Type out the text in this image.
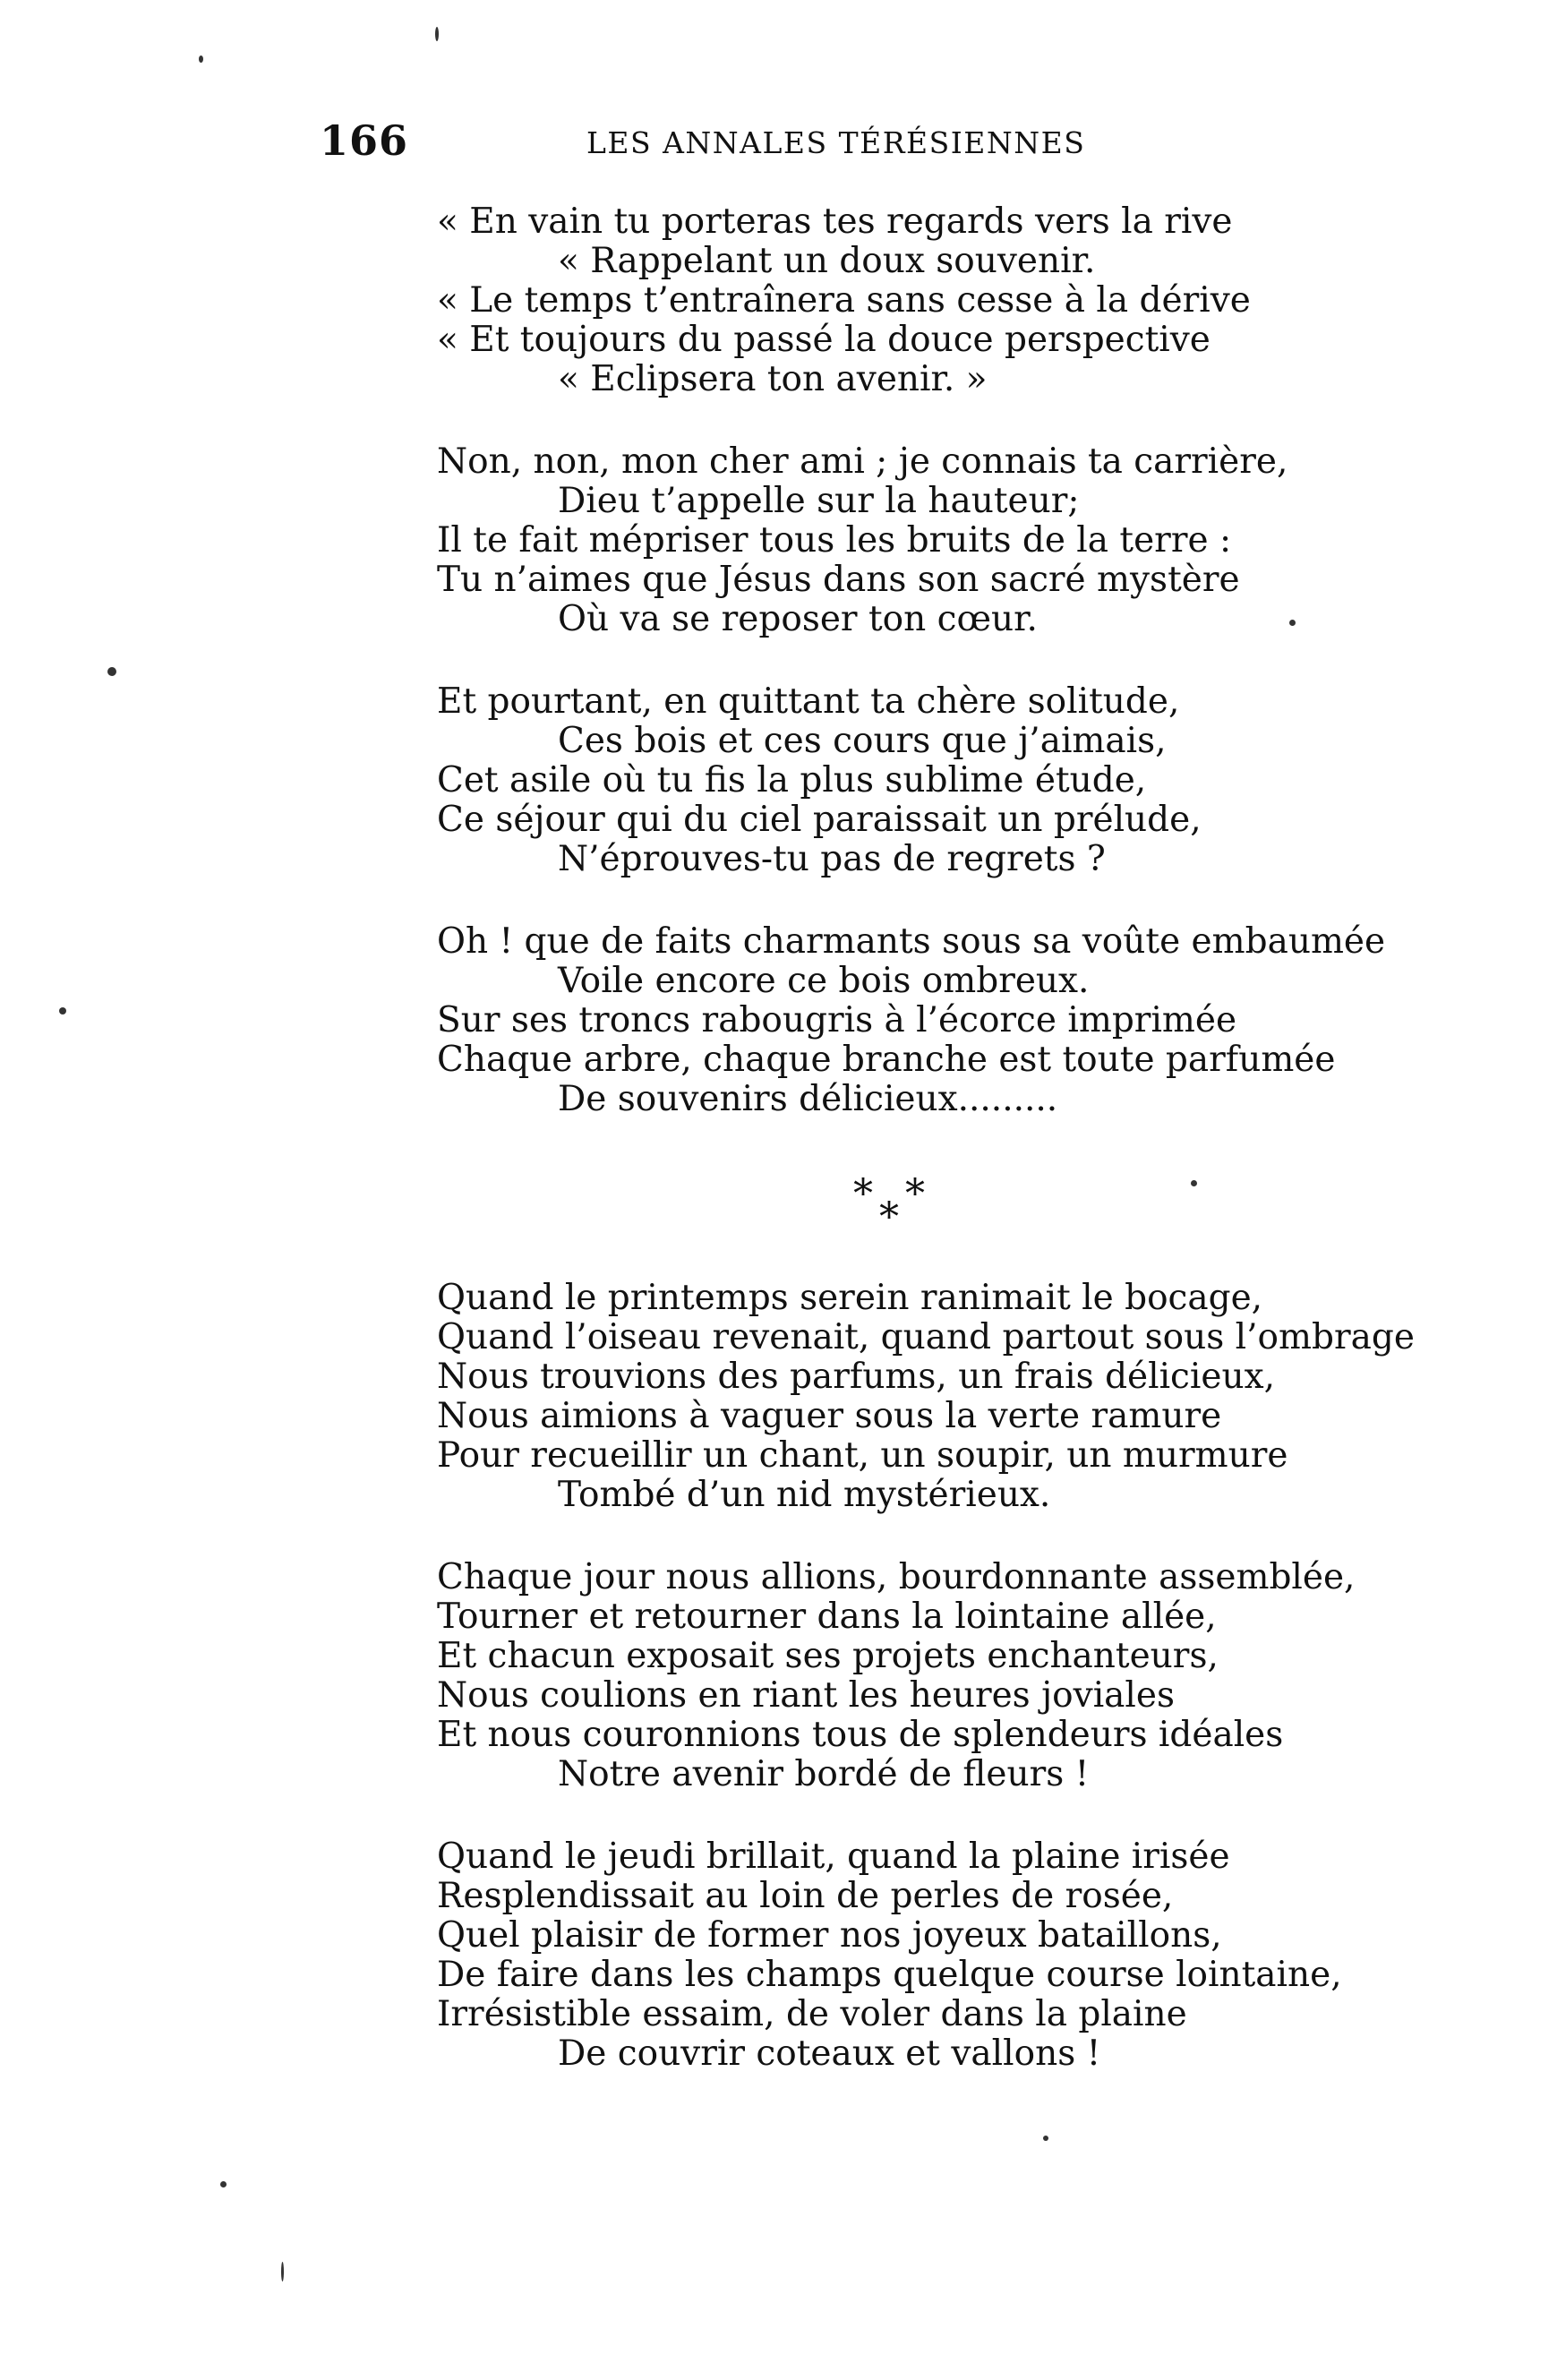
166	LES ANNALES TÉRÉSIENNES
« En vain tu porteras tes regards vers la rive
« Rappelant un doux souvenir.
« Le temps t’entraînera sans cesse à la dérive
« Et toujours du passé la douce perspective
« Eclipsera ton avenir. »
Non, non, mon cher ami ; je connais ta carrière,
Dieu t’appelle sur la hauteur;
Il te fait mépriser tous les bruits de la terre :
Tu n’aimes que Jésus dans son sacré mystère
Où va se reposer ton cœur.
Et pourtant, en quittant ta chère solitude,
Ces bois et ces cours que j’aimais,
Cet asile où tu fis la plus sublime étude,
Ce séjour qui du ciel paraissait un prélude,
N’éprouves-tu pas de regrets ?
Oh ! que de faits charmants sous sa voûte embaumée
Voile encore ce bois ombreux.
Sur ses troncs rabougris à l’écorce imprimée
Chaque arbre, chaque branche est toute parfumée
De souvenirs délicieux.........
* *
*
Quand le printemps serein ranimait le bocage,
Quand l’oiseau revenait, quand partout sous l’ombrage
Nous trouvions des parfums, un frais délicieux,
Nous aimions à vaguer sous la verte ramure
Pour recueillir un chant, un soupir, un murmure
Tombé d’un nid mystérieux.
Chaque jour nous allions, bourdonnante assemblée,
Tourner et retourner dans la lointaine allée,
Et chacun exposait ses projets enchanteurs,
Nous coulions en riant les heures joviales
Et nous couronnions tous de splendeurs idéales
Notre avenir bordé de fleurs !
Quand le jeudi brillait, quand la plaine irisée
Resplendissait au loin de perles de rosée,
Quel plaisir de former nos joyeux bataillons,
De faire dans les champs quelque course lointaine,
Irrésistible essaim, de voler dans la plaine
De couvrir coteaux et vallons !
